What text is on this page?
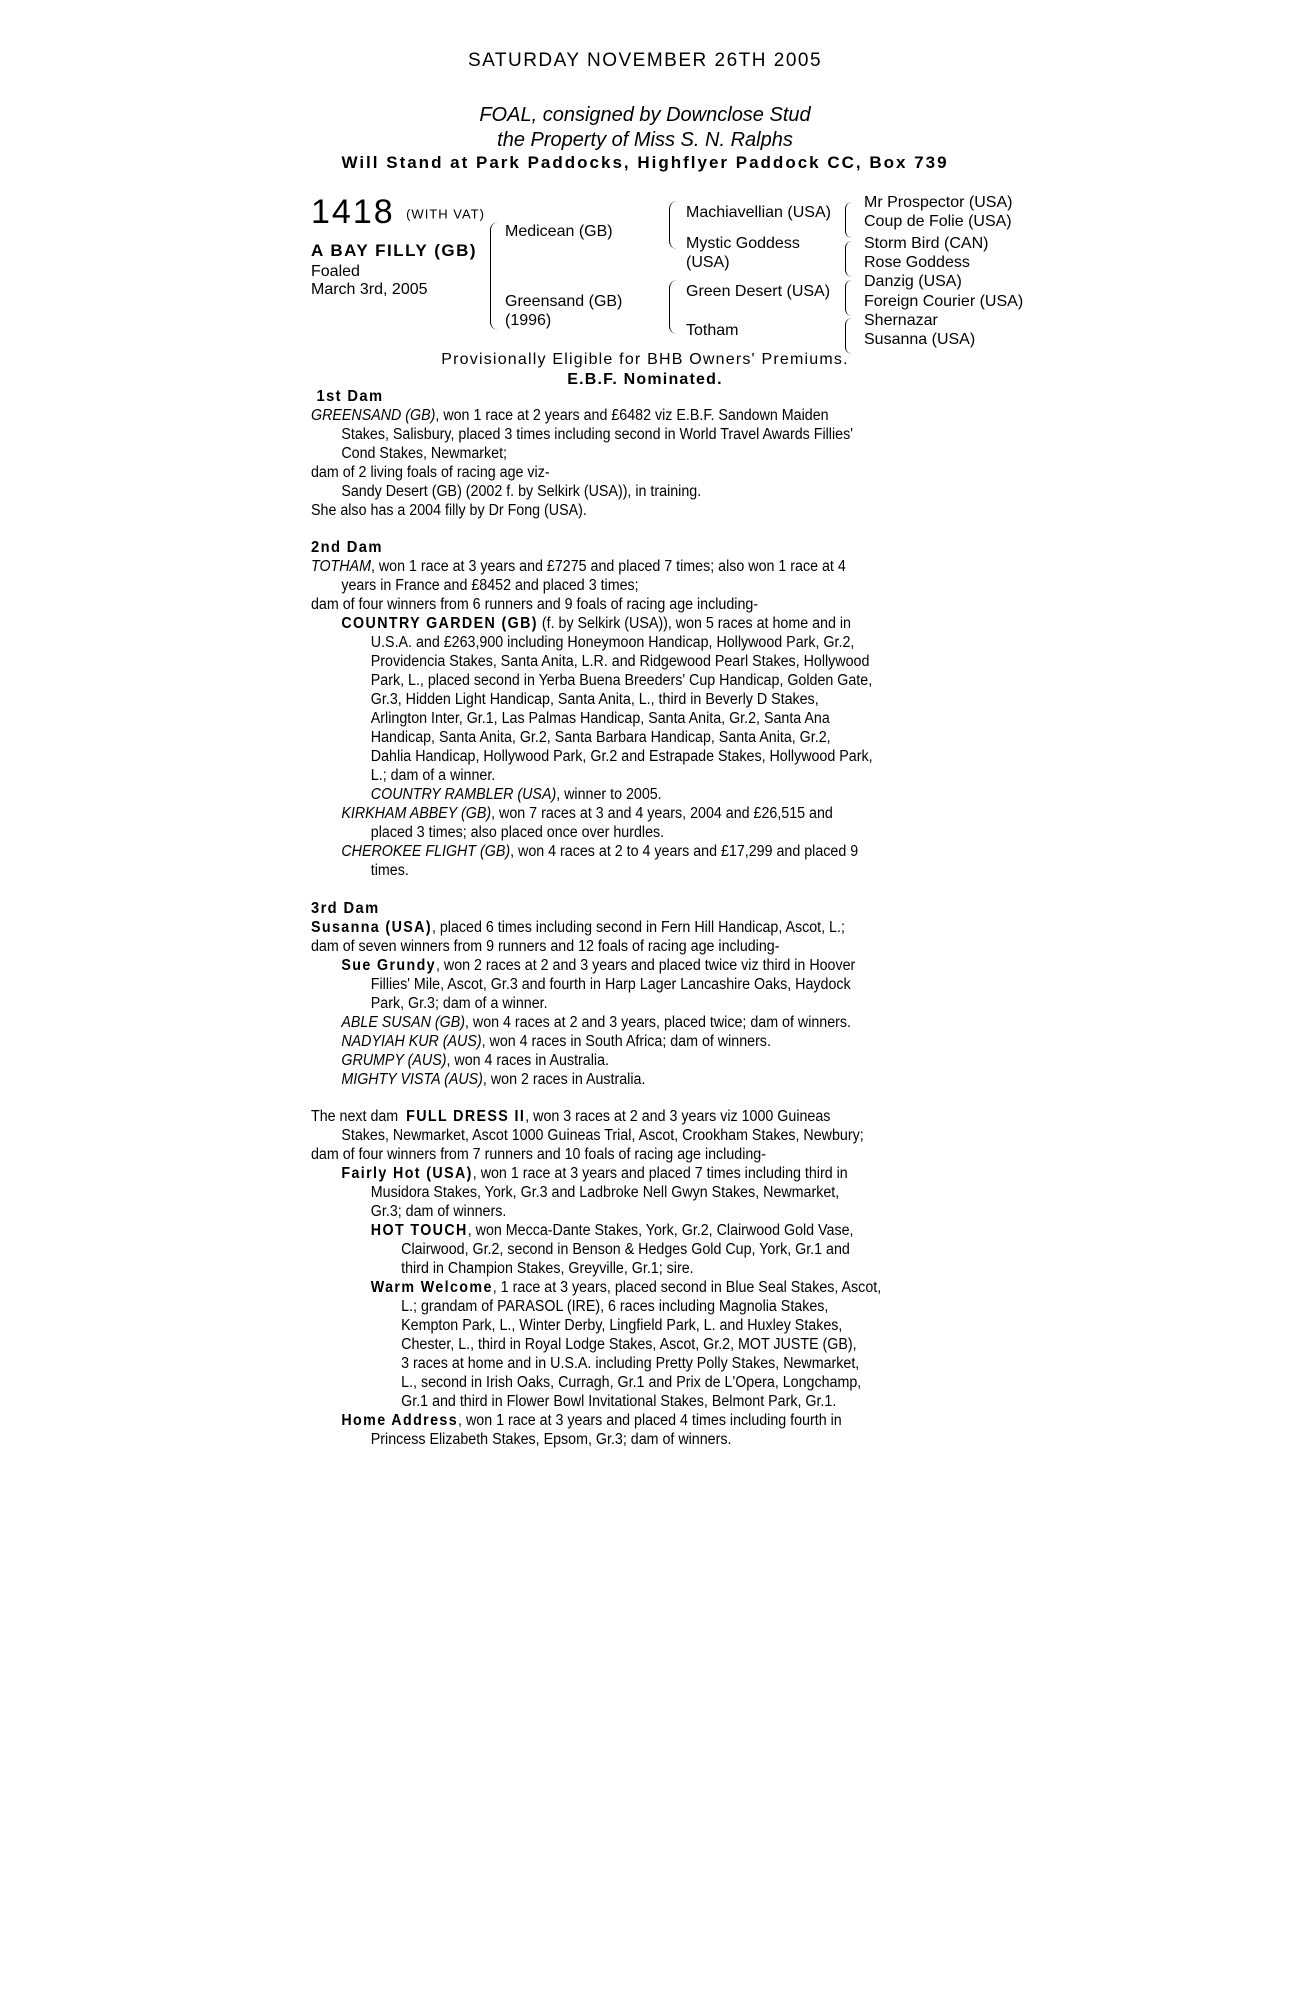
SATURDAY NOVEMBER 26TH 2005
FOAL, consigned by Downclose Stud
the Property of Miss S. N. Ralphs
Will Stand at Park Paddocks, Highflyer Paddock CC, Box 739
1418 (WITH VAT)
A BAY FILLY (GB)
Foaled
March 3rd, 2005
Medicean (GB)
Greensand (GB)
(1996)
Machiavellian (USA)
Mystic Goddess
(USA)
Green Desert (USA)
Totham
Mr Prospector (USA)
Coup de Folie (USA)
Storm Bird (CAN)
Rose Goddess
Danzig (USA)
Foreign Courier (USA)
Shernazar
Susanna (USA)
Provisionally Eligible for BHB Owners' Premiums.
E.B.F. Nominated.

1st Dam

GREENSAND (GB), won 1 race at 2 years and £6482 viz E.B.F. Sandown Maiden

Stakes, Salisbury, placed 3 times including second in World Travel Awards Fillies'

Cond Stakes, Newmarket;

dam of 2 living foals of racing age viz-

Sandy Desert (GB) (2002 f. by Selkirk (USA)), in training.

She also has a 2004 filly by Dr Fong (USA).

2nd Dam

TOTHAM, won 1 race at 3 years and £7275 and placed 7 times; also won 1 race at 4

years in France and £8452 and placed 3 times;

dam of four winners from 6 runners and 9 foals of racing age including-

COUNTRY GARDEN (GB) (f. by Selkirk (USA)), won 5 races at home and in

U.S.A. and £263,900 including Honeymoon Handicap, Hollywood Park, Gr.2,

Providencia Stakes, Santa Anita, L.R. and Ridgewood Pearl Stakes, Hollywood

Park, L., placed second in Yerba Buena Breeders' Cup Handicap, Golden Gate,

Gr.3, Hidden Light Handicap, Santa Anita, L., third in Beverly D Stakes,

Arlington Inter, Gr.1, Las Palmas Handicap, Santa Anita, Gr.2, Santa Ana

Handicap, Santa Anita, Gr.2, Santa Barbara Handicap, Santa Anita, Gr.2,

Dahlia Handicap, Hollywood Park, Gr.2 and Estrapade Stakes, Hollywood Park,

L.; dam of a winner.

COUNTRY RAMBLER (USA), winner to 2005.

KIRKHAM ABBEY (GB), won 7 races at 3 and 4 years, 2004 and £26,515 and

placed 3 times; also placed once over hurdles.

CHEROKEE FLIGHT (GB), won 4 races at 2 to 4 years and £17,299 and placed 9

times.

3rd Dam

Susanna (USA), placed 6 times including second in Fern Hill Handicap, Ascot, L.;

dam of seven winners from 9 runners and 12 foals of racing age including-

Sue Grundy, won 2 races at 2 and 3 years and placed twice viz third in Hoover

Fillies' Mile, Ascot, Gr.3 and fourth in Harp Lager Lancashire Oaks, Haydock

Park, Gr.3; dam of a winner.

ABLE SUSAN (GB), won 4 races at 2 and 3 years, placed twice; dam of winners.

NADYIAH KUR (AUS), won 4 races in South Africa; dam of winners.

GRUMPY (AUS), won 4 races in Australia.

MIGHTY VISTA (AUS), won 2 races in Australia.

The next dam FULL DRESS II, won 3 races at 2 and 3 years viz 1000 Guineas

Stakes, Newmarket, Ascot 1000 Guineas Trial, Ascot, Crookham Stakes, Newbury;

dam of four winners from 7 runners and 10 foals of racing age including-

Fairly Hot (USA), won 1 race at 3 years and placed 7 times including third in

Musidora Stakes, York, Gr.3 and Ladbroke Nell Gwyn Stakes, Newmarket,

Gr.3; dam of winners.

HOT TOUCH, won Mecca-Dante Stakes, York, Gr.2, Clairwood Gold Vase,

Clairwood, Gr.2, second in Benson & Hedges Gold Cup, York, Gr.1 and

third in Champion Stakes, Greyville, Gr.1; sire.

Warm Welcome, 1 race at 3 years, placed second in Blue Seal Stakes, Ascot,

L.; grandam of PARASOL (IRE), 6 races including Magnolia Stakes,

Kempton Park, L., Winter Derby, Lingfield Park, L. and Huxley Stakes,

Chester, L., third in Royal Lodge Stakes, Ascot, Gr.2, MOT JUSTE (GB),

3 races at home and in U.S.A. including Pretty Polly Stakes, Newmarket,

L., second in Irish Oaks, Curragh, Gr.1 and Prix de L'Opera, Longchamp,

Gr.1 and third in Flower Bowl Invitational Stakes, Belmont Park, Gr.1.

Home Address, won 1 race at 3 years and placed 4 times including fourth in

Princess Elizabeth Stakes, Epsom, Gr.3; dam of winners.
